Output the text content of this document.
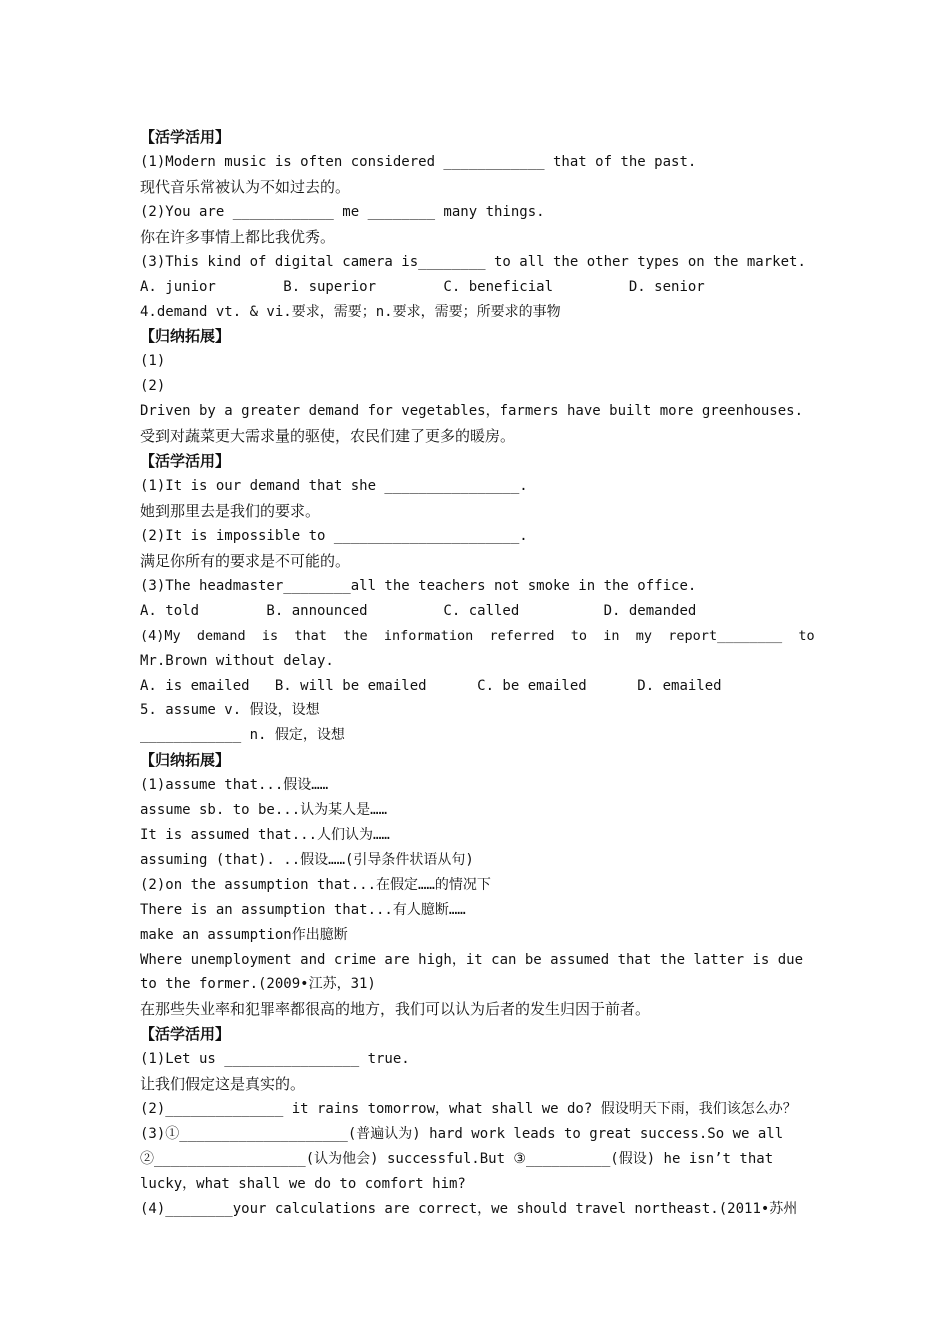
【活学活用】
(1)Modern music is often considered ____________ that of the past.
现代音乐常被认为不如过去的。
(2)You are ____________ me ________ many things.
你在许多事情上都比我优秀。
(3)This kind of digital camera is________ to all the other types on the market.
A. junior        B. superior        C. beneficial         D. senior
4.demand vt. & vi.要求，需要；n.要求，需要；所要求的事物
【归纳拓展】
(1)
(2)
Driven by a greater demand for vegetables，farmers have built more greenhouses.
受到对蔬菜更大需求量的驱使，农民们建了更多的暖房。
【活学活用】
(1)It is our demand that she ________________.
她到那里去是我们的要求。
(2)It is impossible to ______________________.
满足你所有的要求是不可能的。
(3)The headmaster________all the teachers not smoke in the office.
A. told        B. announced         C. called          D. demanded
(4)My  demand  is  that  the  information  referred  to  in  my  report________  to
Mr.Brown without delay.
A. is emailed   B. will be emailed      C. be emailed      D. emailed
5. assume v. 假设，设想
____________ n. 假定，设想
【归纳拓展】
(1)assume that...假设……
assume sb. to be...认为某人是……
It is assumed that...人们认为……
assuming (that). ..假设……(引导条件状语从句)
(2)on the assumption that...在假定……的情况下
There is an assumption that...有人臆断……
make an assumption作出臆断
Where unemployment and crime are high，it can be assumed that the latter is due
to the former.(2009•江苏，31)
在那些失业率和犯罪率都很高的地方，我们可以认为后者的发生归因于前者。
【活学活用】
(1)Let us ________________ true.
让我们假定这是真实的。
(2)______________ it rains tomorrow，what shall we do? 假设明天下雨，我们该怎么办？
(3)①____________________(普遍认为) hard work leads to great success.So we all
②__________________(认为他会) successful.But ③__________(假设) he isn’t that
lucky，what shall we do to comfort him?
(4)________your calculations are correct，we should travel northeast.(2011•苏州
